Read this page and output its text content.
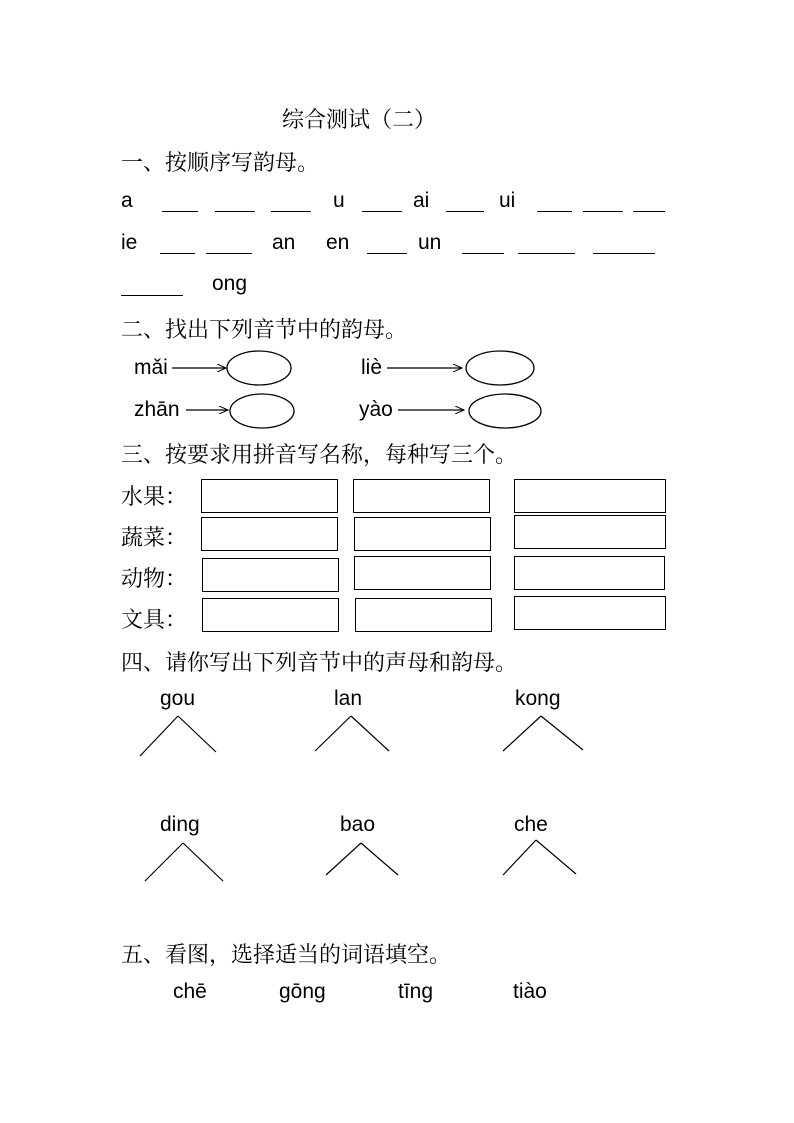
综合测试（二）
一、按顺序写韵母。
a	u	ai	ui
ie	an en	un
ong
二、找出下列音节中的韵母。
mǎi	liè
zhān	yào
三、按要求用拼音写名称，每种写三个。
水果：
蔬菜：
动物：
文具：
四、请你写出下列音节中的声母和韵母。
gou	lan	kong
ding	bao	che
五、看图，选择适当的词语填空。
chē	gōng	tīng	tiào
